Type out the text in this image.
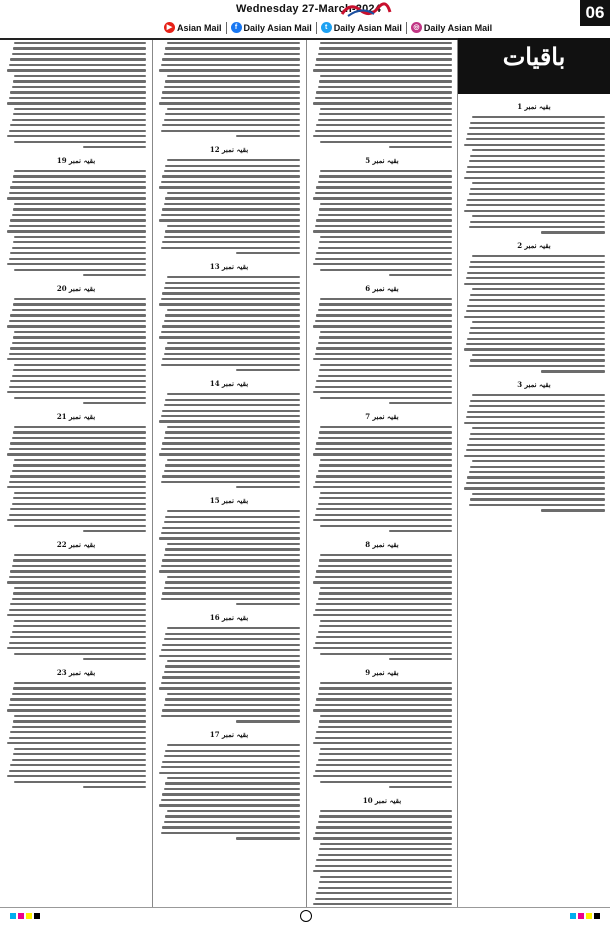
Wednesday 27-March-2024	06
▶ Asian Mail	f Daily Asian Mail	t Daily Asian Mail	◎ Daily Asian Mail
باقیات
بقیہ نمبر 19
بقیہ نمبر 20
بقیہ نمبر 21
بقیہ نمبر 22
بقیہ نمبر 23
بقیہ نمبر 12
بقیہ نمبر 13
بقیہ نمبر 14
بقیہ نمبر 15
بقیہ نمبر 16
بقیہ نمبر 17
بقیہ نمبر 5
بقیہ نمبر 6
بقیہ نمبر 7
بقیہ نمبر 8
بقیہ نمبر 9
بقیہ نمبر 10
بقیہ نمبر 1
بقیہ نمبر 2
بقیہ نمبر 3
